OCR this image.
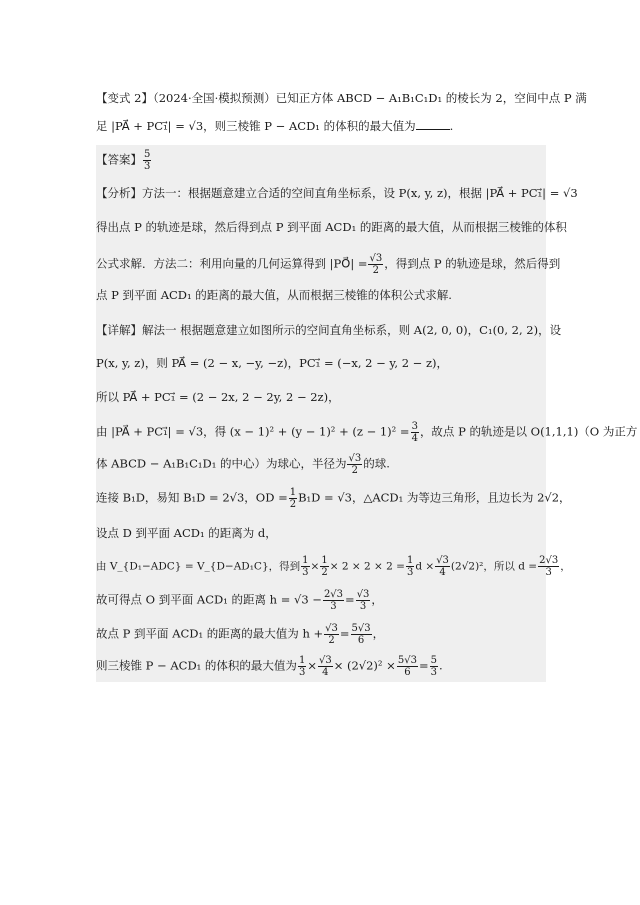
【变式 2】（2024·全国·模拟预测）已知正方体 ABCD − A₁B₁C₁D₁ 的棱长为 2，空间中点 P 满
足 |PA⃗ + PC₁⃗| = √3，则三棱锥 P − ACD₁ 的体积的最大值为	.
【答案】 $\frac{5}{3}$
【分析】方法一：根据题意建立合适的空间直角坐标系，设 P(x, y, z)，根据 |PA⃗ + PC₁⃗| = √3
得出点 P 的轨迹是球，然后得到点 P 到平面 ACD₁ 的距离的最大值，从而根据三棱锥的体积
公式求解．方法二：利用向量的几何运算得到 |PO⃗| = $\frac{√3}{2}$ ，得到点 P 的轨迹是球，然后得到
点 P 到平面 ACD₁ 的距离的最大值，从而根据三棱锥的体积公式求解.
【详解】解法一 根据题意建立如图所示的空间直角坐标系，则 A(2, 0, 0)，C₁(0, 2, 2)，设
P(x, y, z)，则 PA⃗ = (2 − x, −y, −z)，PC₁⃗ = (−x, 2 − y, 2 − z)，
所以 PA⃗ + PC₁⃗ = (2 − 2x, 2 − 2y, 2 − 2z)，
由 |PA⃗ + PC₁⃗| = √3，得 $(x - 1)^2 + (y - 1)^2 + (z - 1)^2 = \frac{3}{4}$ ，故点 P 的轨迹是以 O(1,1,1)（O 为正方
体 ABCD − A₁B₁C₁D₁ 的中心）为球心，半径为 $\frac{√3}{2}$ 的球.
连接 B₁D，易知 B₁D = 2√3，OD = $\frac{1}{2} B_1D = √3$，△ACD₁ 为等边三角形，且边长为 2√2，
设点 D 到平面 ACD₁ 的距离为 d，
由 V_{D₁−ADC} = V_{D−AD₁C}，得到 $\frac{1}{3} \times \frac{1}{2} \times 2 \times 2 \times 2 = \frac{1}{3}$ $d \times \frac{√3}{4} (2√2)^2$，所以 $d = \frac{2√3}{3}$ ，
故可得点 O 到平面 ACD₁ 的距离 $h = √3 - \frac{2√3}{3} = \frac{√3}{3}$ ，
故点 P 到平面 ACD₁ 的距离的最大值为 $h + \frac{√3}{2} = \frac{5√3}{6}$ ，
则三棱锥 P − ACD₁ 的体积的最大值为 $\frac{1}{3} \times \frac{√3}{4} \times (2√2)^2 \times \frac{5√3}{6} = \frac{5}{3}$ .
